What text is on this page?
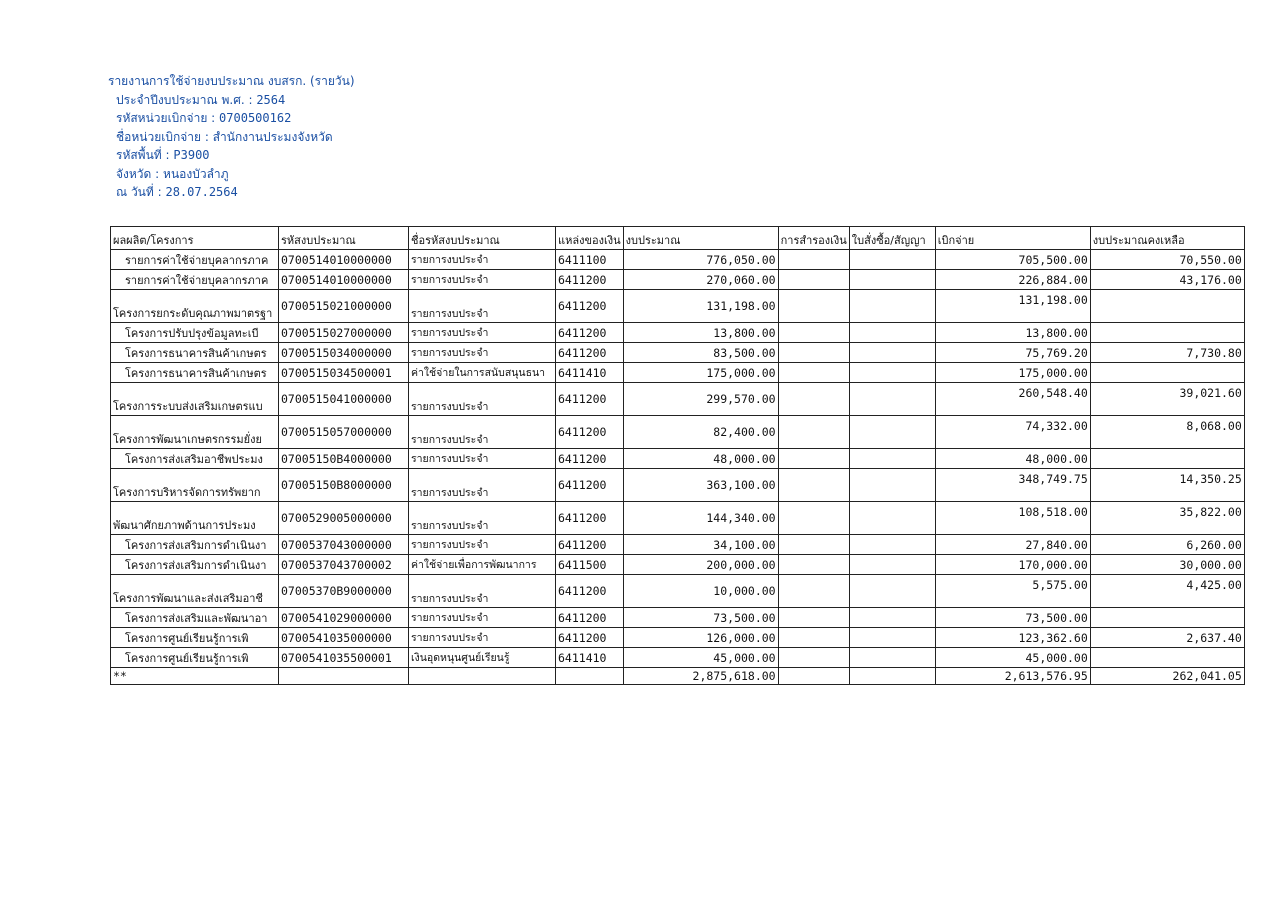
รายงานการใช้จ่ายงบประมาณ งบสรก. (รายวัน)
ประจำปีงบประมาณ พ.ศ. : 2564
รหัสหน่วยเบิกจ่าย : 0700500162
ชื่อหน่วยเบิกจ่าย : สำนักงานประมงจังหวัด
รหัสพื้นที่ : P3900
จังหวัด : หนองบัวลำภู
ณ วันที่ : 28.07.2564
ผลผลิต/โครงการ	รหัสงบประมาณ	ชื่อรหัสงบประมาณ	แหล่งของเงิน	งบประมาณ	การสำรองเงิน	ใบสั่งซื้อ/สัญญา	เบิกจ่าย	งบประมาณคงเหลือ
รายการค่าใช้จ่ายบุคลากรภาค	0700514010000000	รายการงบประจำ	6411100	776,050.00			705,500.00	70,550.00
รายการค่าใช้จ่ายบุคลากรภาค	0700514010000000	รายการงบประจำ	6411200	270,060.00			226,884.00	43,176.00
โครงการยกระดับคุณภาพมาตรฐา	0700515021000000	รายการงบประจำ	6411200	131,198.00			131,198.00	
โครงการปรับปรุงข้อมูลทะเบี	0700515027000000	รายการงบประจำ	6411200	13,800.00			13,800.00	
โครงการธนาคารสินค้าเกษตร	0700515034000000	รายการงบประจำ	6411200	83,500.00			75,769.20	7,730.80
โครงการธนาคารสินค้าเกษตร	0700515034500001	ค่าใช้จ่ายในการสนับสนุนธนา	6411410	175,000.00			175,000.00	
โครงการระบบส่งเสริมเกษตรแบ	0700515041000000	รายการงบประจำ	6411200	299,570.00			260,548.40	39,021.60
โครงการพัฒนาเกษตรกรรมยั่งย	0700515057000000	รายการงบประจำ	6411200	82,400.00			74,332.00	8,068.00
โครงการส่งเสริมอาชีพประมง	07005150B4000000	รายการงบประจำ	6411200	48,000.00			48,000.00	
โครงการบริหารจัดการทรัพยาก	07005150B8000000	รายการงบประจำ	6411200	363,100.00			348,749.75	14,350.25
พัฒนาศักยภาพด้านการประมง	0700529005000000	รายการงบประจำ	6411200	144,340.00			108,518.00	35,822.00
โครงการส่งเสริมการดำเนินงา	0700537043000000	รายการงบประจำ	6411200	34,100.00			27,840.00	6,260.00
โครงการส่งเสริมการดำเนินงา	0700537043700002	ค่าใช้จ่ายเพื่อการพัฒนาการ	6411500	200,000.00			170,000.00	30,000.00
โครงการพัฒนาและส่งเสริมอาชี	07005370B9000000	รายการงบประจำ	6411200	10,000.00			5,575.00	4,425.00
โครงการส่งเสริมและพัฒนาอา	0700541029000000	รายการงบประจำ	6411200	73,500.00			73,500.00	
โครงการศูนย์เรียนรู้การเพิ	0700541035000000	รายการงบประจำ	6411200	126,000.00			123,362.60	2,637.40
โครงการศูนย์เรียนรู้การเพิ	0700541035500001	เงินอุดหนุนศูนย์เรียนรู้	6411410	45,000.00			45,000.00	
**				2,875,618.00			2,613,576.95	262,041.05
